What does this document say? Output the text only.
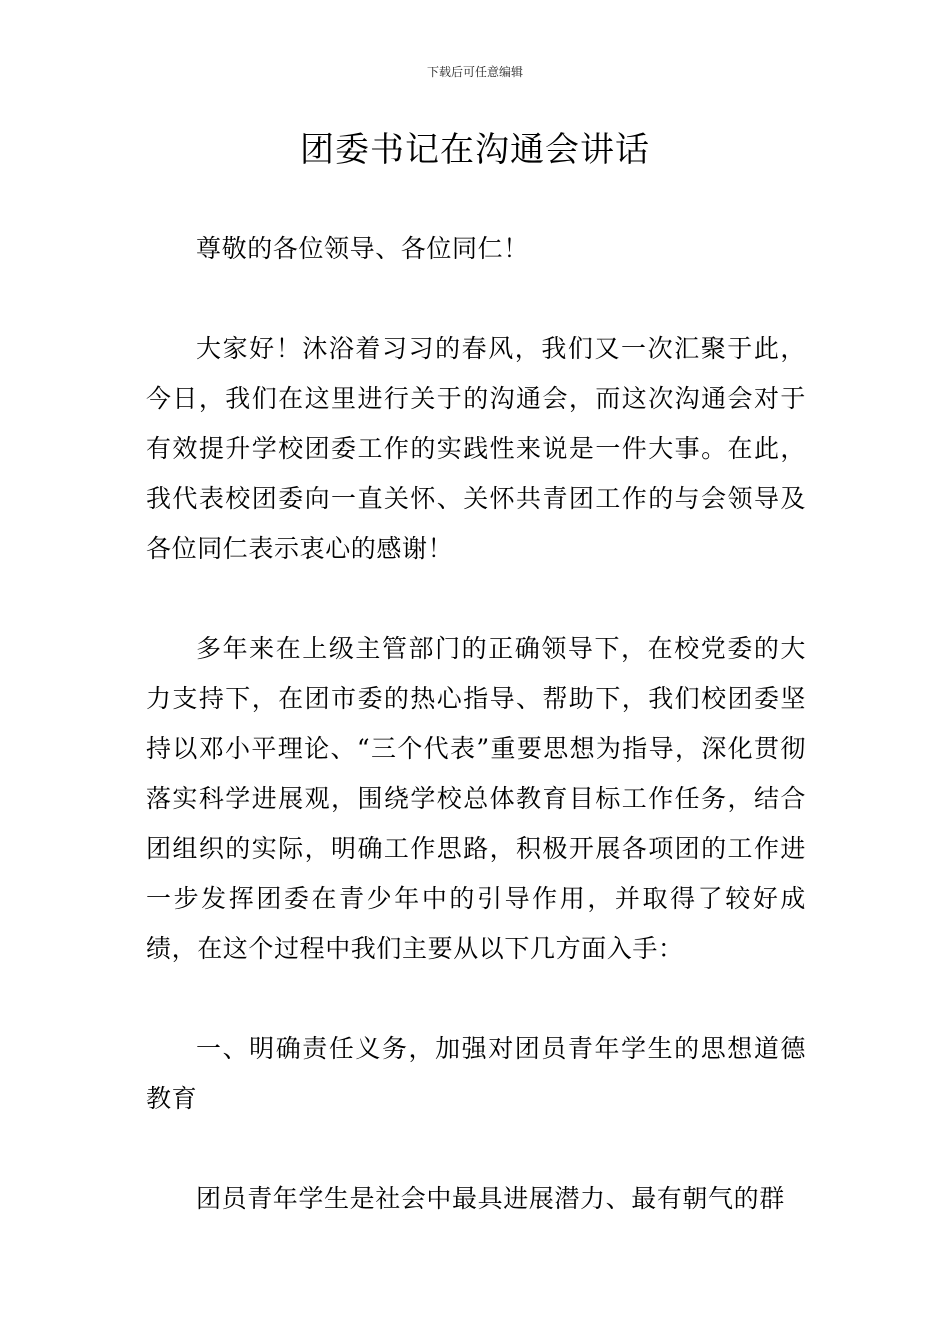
下载后可任意编辑
团委书记在沟通会讲话

尊敬的各位领导、各位同仁！

大家好！沐浴着习习的春风，我们又一次汇聚于此，今日，我们在这里进行关于的沟通会，而这次沟通会对于有效提升学校团委工作的实践性来说是一件大事。在此，我代表校团委向一直关怀、关怀共青团工作的与会领导及各位同仁表示衷心的感谢！

多年来在上级主管部门的正确领导下，在校党委的大力支持下，在团市委的热心指导、帮助下，我们校团委坚持以邓小平理论、“三个代表”重要思想为指导，深化贯彻落实科学进展观，围绕学校总体教育目标工作任务，结合团组织的实际，明确工作思路，积极开展各项团的工作进一步发挥团委在青少年中的引导作用，并取得了较好成绩，在这个过程中我们主要从以下几方面入手：

一、明确责任义务，加强对团员青年学生的思想道德教育

团员青年学生是社会中最具进展潜力、最有朝气的群
